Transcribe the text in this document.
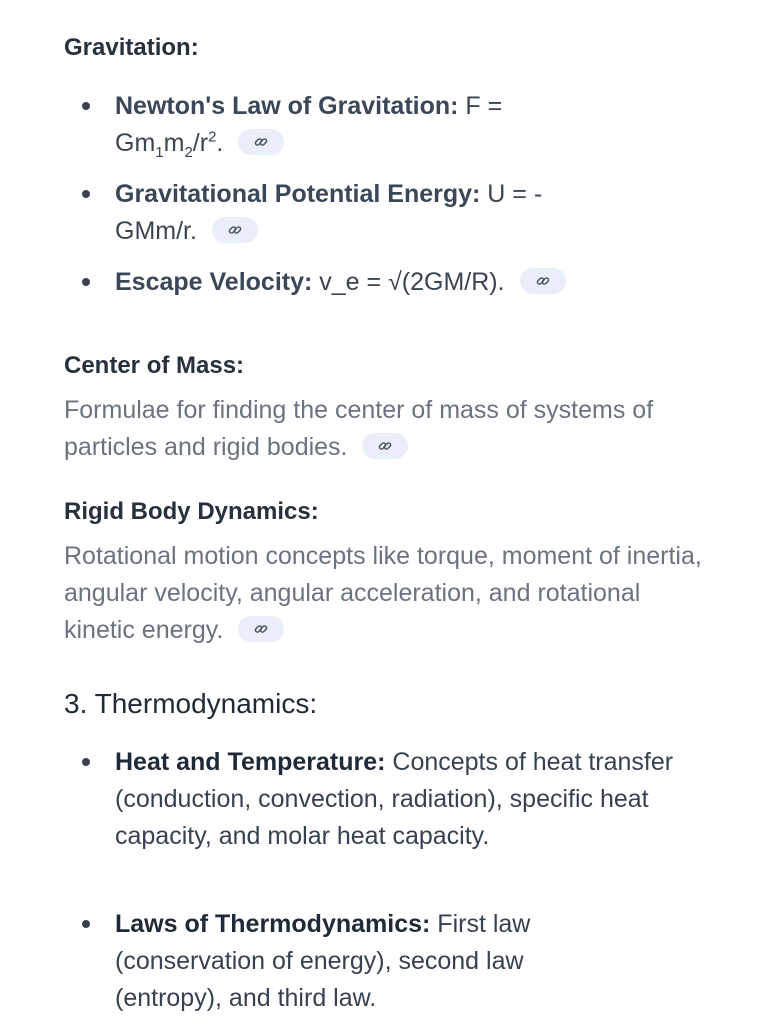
Gravitation:
Newton's Law of Gravitation: F =
$Gm_1m_2/r^2$.
Gravitational Potential Energy: U = -
GMm/r.
Escape Velocity: v_e = √(2GM/R).
Center of Mass:
Formulae for finding the center of mass of systems of particles and rigid bodies.
Rigid Body Dynamics:
Rotational motion concepts like torque, moment of inertia, angular velocity, angular acceleration, and rotational kinetic energy.
3. Thermodynamics:
Heat and Temperature: Concepts of heat transfer (conduction, convection, radiation), specific heat capacity, and molar heat capacity.
Laws of Thermodynamics: First law (conservation of energy), second law (entropy), and third law.
